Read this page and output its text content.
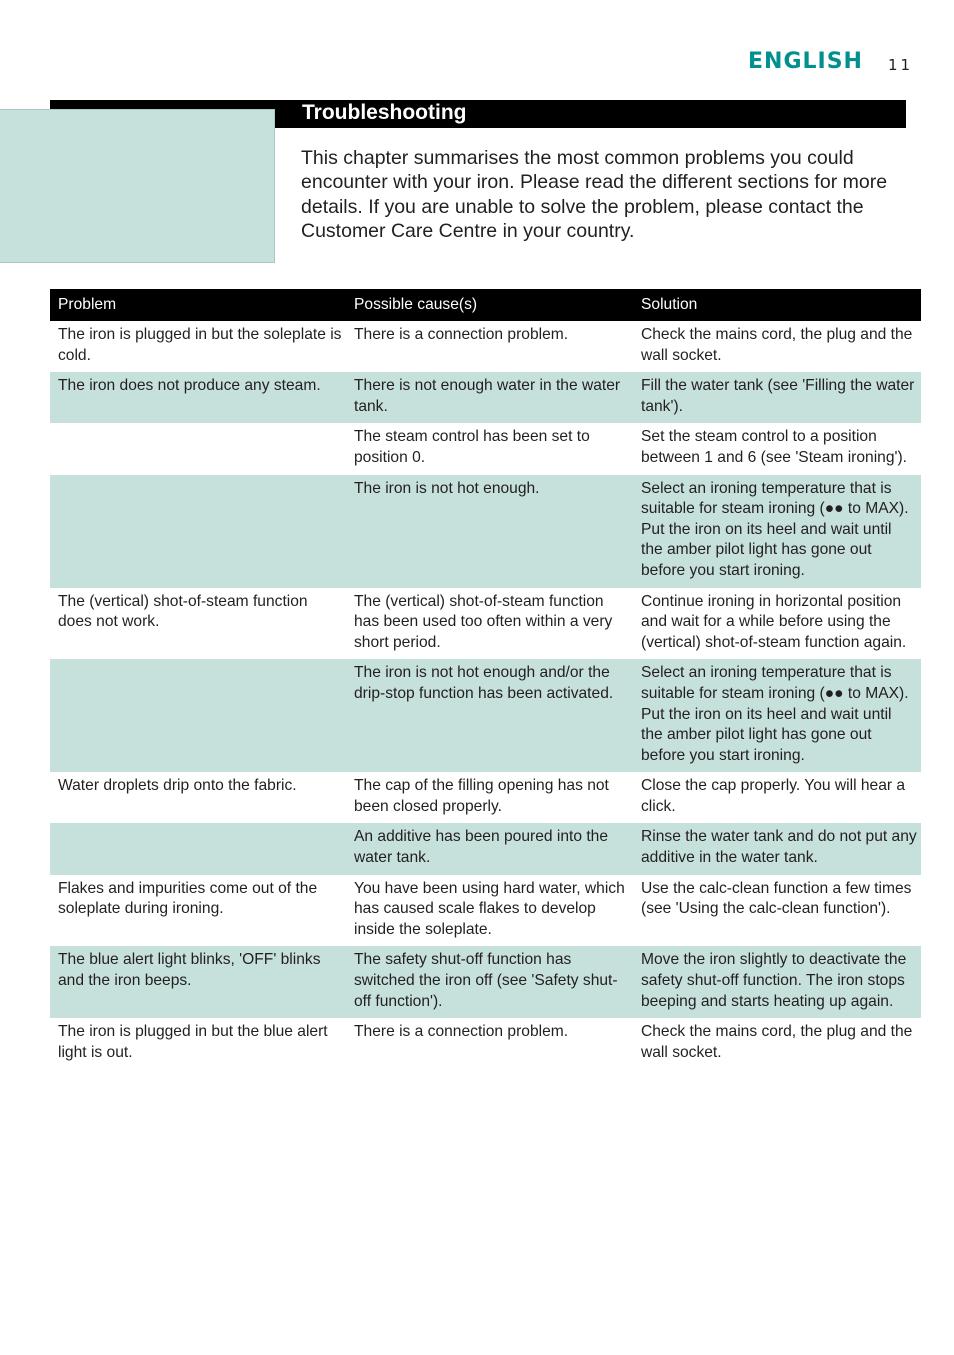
ENGLISH 11
Troubleshooting

This chapter summarises the most common problems you could encounter with your iron. Please read the different sections for more details. If you are unable to solve the problem, please contact the Customer Care Centre in your country.

Problem	Possible cause(s)	Solution
The iron is plugged in but the soleplate is cold.	There is a connection problem.	Check the mains cord, the plug and the wall socket.
The iron does not produce any steam.	There is not enough water in the water tank.	Fill the water tank (see 'Filling the water tank').
	The steam control has been set to position 0.	Set the steam control to a position between 1 and 6 (see 'Steam ironing').
	The iron is not hot enough.	Select an ironing temperature that is suitable for steam ironing (●● to MAX). Put the iron on its heel and wait until the amber pilot light has gone out before you start ironing.
The (vertical) shot-of-steam function does not work.	The (vertical) shot-of-steam function has been used too often within a very short period.	Continue ironing in horizontal position and wait for a while before using the (vertical) shot-of-steam function again.
	The iron is not hot enough and/or the drip-stop function has been activated.	Select an ironing temperature that is suitable for steam ironing (●● to MAX). Put the iron on its heel and wait until the amber pilot light has gone out before you start ironing.
Water droplets drip onto the fabric.	The cap of the filling opening has not been closed properly.	Close the cap properly. You will hear a click.
	An additive has been poured into the water tank.	Rinse the water tank and do not put any additive in the water tank.
Flakes and impurities come out of the soleplate during ironing.	You have been using hard water, which has caused scale flakes to develop inside the soleplate.	Use the calc-clean function a few times (see 'Using the calc-clean function').
The blue alert light blinks, 'OFF' blinks and the iron beeps.	The safety shut-off function has switched the iron off (see 'Safety shut-off function').	Move the iron slightly to deactivate the safety shut-off function. The iron stops beeping and starts heating up again.
The iron is plugged in but the blue alert light is out.	There is a connection problem.	Check the mains cord, the plug and the wall socket.
